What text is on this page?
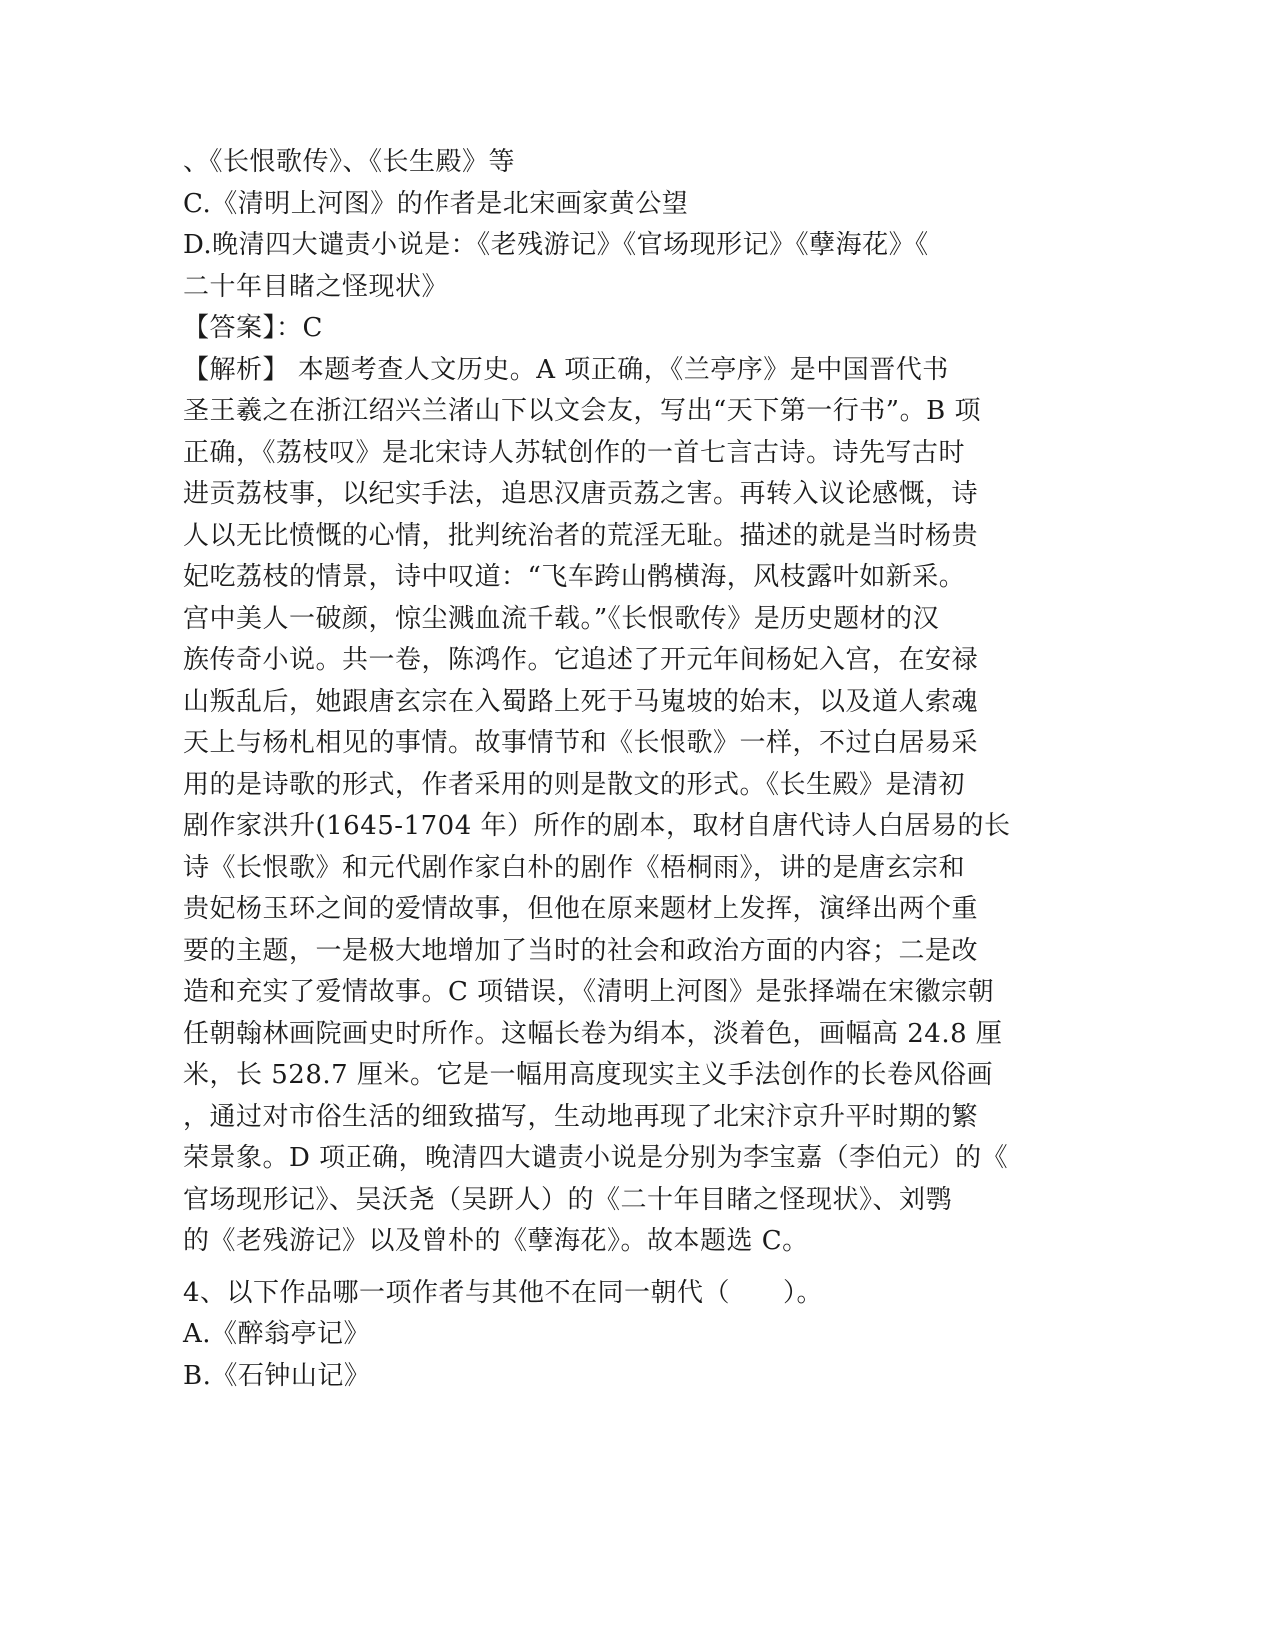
、《长恨歌传》、《长生殿》等
C.《清明上河图》的作者是北宋画家黄公望
D.晚清四大谴责小说是：《老残游记》《官场现形记》《孽海花》《
二十年目睹之怪现状》
【答案】：C
【解析】 本题考查人文历史。A 项正确，《兰亭序》是中国晋代书
圣王羲之在浙江绍兴兰渚山下以文会友，写出“天下第一行书”。B 项
正确，《荔枝叹》是北宋诗人苏轼创作的一首七言古诗。诗先写古时
进贡荔枝事，以纪实手法，追思汉唐贡荔之害。再转入议论感慨，诗
人以无比愤慨的心情，批判统治者的荒淫无耻。描述的就是当时杨贵
妃吃荔枝的情景，诗中叹道：“飞车跨山鹘横海，风枝露叶如新采。
宫中美人一破颜，惊尘溅血流千载。”《长恨歌传》是历史题材的汉
族传奇小说。共一卷，陈鸿作。它追述了开元年间杨妃入宫，在安禄
山叛乱后，她跟唐玄宗在入蜀路上死于马嵬坡的始末，以及道人索魂
天上与杨札相见的事情。故事情节和《长恨歌》一样，不过白居易采
用的是诗歌的形式，作者采用的则是散文的形式。《长生殿》是清初
剧作家洪升(1645-1704 年）所作的剧本，取材自唐代诗人白居易的长
诗《长恨歌》和元代剧作家白朴的剧作《梧桐雨》，讲的是唐玄宗和
贵妃杨玉环之间的爱情故事，但他在原来题材上发挥，演绎出两个重
要的主题，一是极大地增加了当时的社会和政治方面的内容；二是改
造和充实了爱情故事。C 项错误，《清明上河图》是张择端在宋徽宗朝
任朝翰林画院画史时所作。这幅长卷为绢本，淡着色，画幅高 24.8 厘
米，长 528.7 厘米。它是一幅用高度现实主义手法创作的长卷风俗画
，通过对市俗生活的细致描写，生动地再现了北宋汴京升平时期的繁
荣景象。D 项正确，晚清四大谴责小说是分别为李宝嘉（李伯元）的《
官场现形记》、吴沃尧（吴趼人）的《二十年目睹之怪现状》、刘鹗
的《老残游记》以及曾朴的《孽海花》。故本题选 C。
4、以下作品哪一项作者与其他不在同一朝代（　　）。
A.《醉翁亭记》
B.《石钟山记》
